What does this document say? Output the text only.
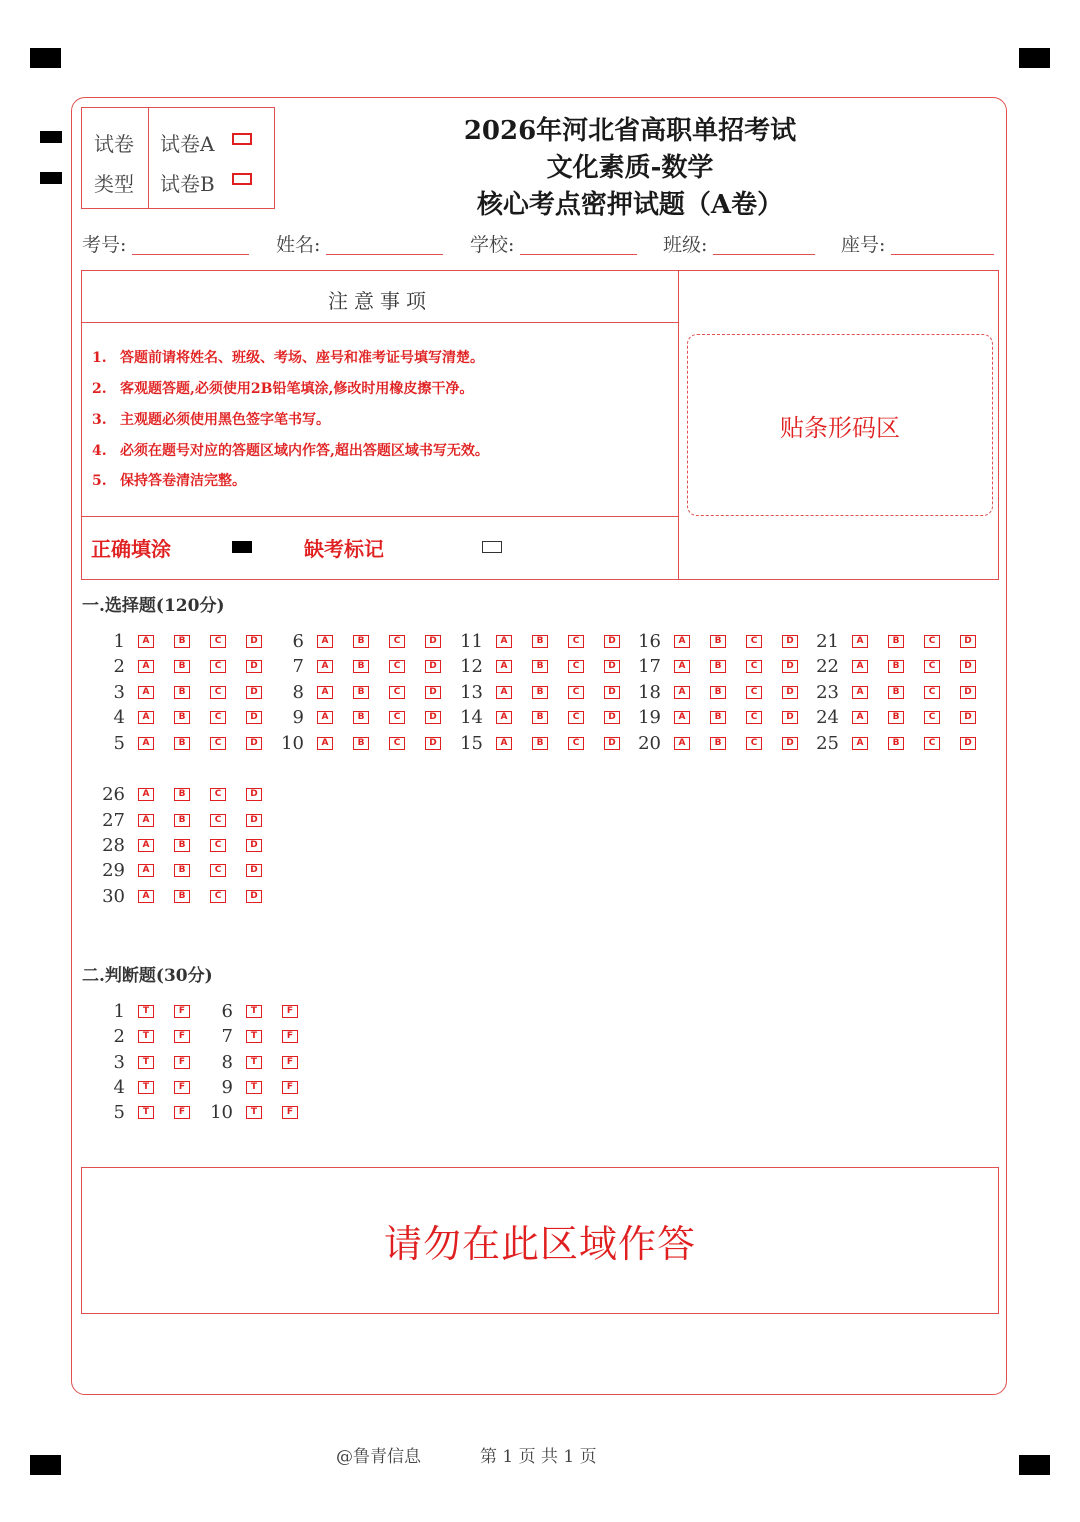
试卷
类型
试卷A
试卷B
2026年河北省高职单招考试
文化素质-数学
核心考点密押试题（A卷）
考号:	姓名:	学校:	班级:	座号:
注意事项
1. 答题前请将姓名、班级、考场、座号和准考证号填写清楚。
2. 客观题答题,必须使用2B铅笔填涂,修改时用橡皮擦干净。
3. 主观题必须使用黑色签字笔书写。
4. 必须在题号对应的答题区域内作答,超出答题区域书写无效。
5. 保持答卷清洁完整。
正确填涂	缺考标记
贴条形码区
一.选择题(120分)
二.判断题(30分)
请勿在此区域作答
@鲁青信息	第 1 页 共 1 页
1	A	B	C	D
2	A	B	C	D
3	A	B	C	D
4	A	B	C	D
5	A	B	C	D
6	A	B	C	D
7	A	B	C	D
8	A	B	C	D
9	A	B	C	D
10	A	B	C	D
11	A	B	C	D
12	A	B	C	D
13	A	B	C	D
14	A	B	C	D
15	A	B	C	D
16	A	B	C	D
17	A	B	C	D
18	A	B	C	D
19	A	B	C	D
20	A	B	C	D
21	A	B	C	D
22	A	B	C	D
23	A	B	C	D
24	A	B	C	D
25	A	B	C	D
26	A	B	C	D
27	A	B	C	D
28	A	B	C	D
29	A	B	C	D
30	A	B	C	D
1	T	F
2	T	F
3	T	F
4	T	F
5	T	F
6	T	F
7	T	F
8	T	F
9	T	F
10	T	F
